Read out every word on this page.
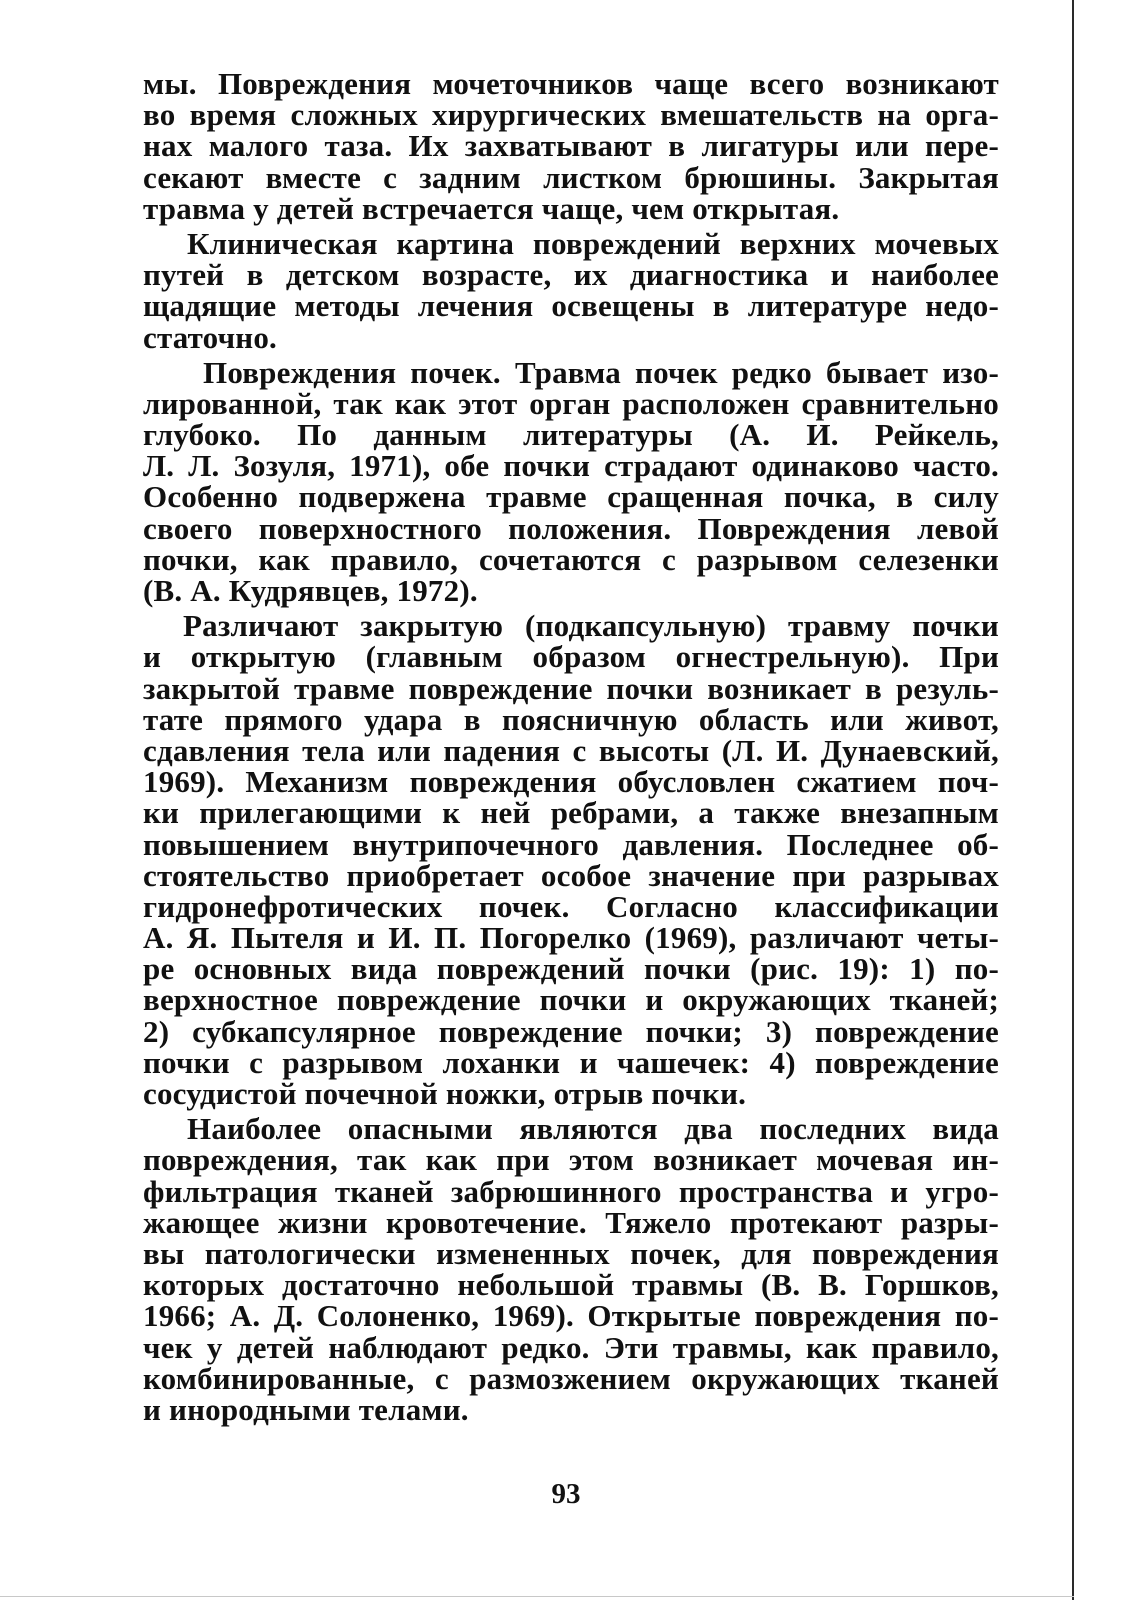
мы. Повреждения мочеточников чаще всего возникают
во время сложных хирургических вмешательств на орга-
нах малого таза. Их захватывают в лигатуры или пере-
секают вместе с задним листком брюшины. Закрытая
травма у детей встречается чаще, чем открытая.
Клиническая картина повреждений верхних мочевых
путей в детском возрасте, их диагностика и наиболее
щадящие методы лечения освещены в литературе недо-
статочно.
Повреждения почек. Травма почек редко бывает изо-
лированной, так как этот орган расположен сравнительно
глубоко. По данным литературы (А. И. Рейкель,
Л. Л. Зозуля, 1971), обе почки страдают одинаково часто.
Особенно подвержена травме сращенная почка, в силу
своего поверхностного положения. Повреждения левой
почки, как правило, сочетаются с разрывом селезенки
(В. А. Кудрявцев, 1972).
Различают закрытую (подкапсульную) травму почки
и открытую (главным образом огнестрельную). При
закрытой травме повреждение почки возникает в резуль-
тате прямого удара в поясничную область или живот,
сдавления тела или падения с высоты (Л. И. Дунаевский,
1969). Механизм повреждения обусловлен сжатием поч-
ки прилегающими к ней ребрами, а также внезапным
повышением внутрипочечного давления. Последнее об-
стоятельство приобретает особое значение при разрывах
гидронефротических почек. Согласно классификации
А. Я. Пытеля и И. П. Погорелко (1969), различают четы-
ре основных вида повреждений почки (рис. 19): 1) по-
верхностное повреждение почки и окружающих тканей;
2) субкапсулярное повреждение почки; 3) повреждение
почки с разрывом лоханки и чашечек: 4) повреждение
сосудистой почечной ножки, отрыв почки.
Наиболее опасными являются два последних вида
повреждения, так как при этом возникает мочевая ин-
фильтрация тканей забрюшинного пространства и угро-
жающее жизни кровотечение. Тяжело протекают разры-
вы патологически измененных почек, для повреждения
которых достаточно небольшой травмы (В. В. Горшков,
1966; А. Д. Солоненко, 1969). Открытые повреждения по-
чек у детей наблюдают редко. Эти травмы, как правило,
комбинированные, с размозжением окружающих тканей
и инородными телами.
93
